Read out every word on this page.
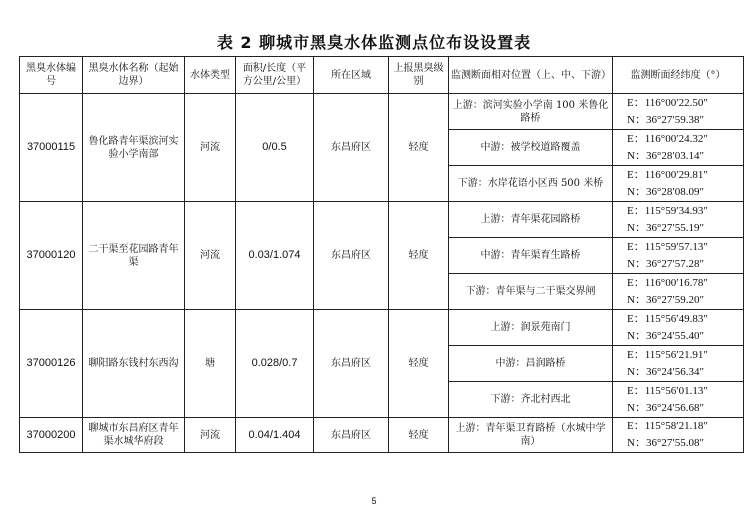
表 2 聊城市黑臭水体监测点位布设设置表
黑臭水体编号	黑臭水体名称（起始边界）	水体类型	面积/长度（平方公里/公里）	所在区域	上报黑臭级别	监测断面相对位置（上、中、下游）	监测断面经纬度（°）
37000115	鲁化路青年渠滨河实验小学南部	河流	0/0.5	东昌府区	轻度	上游：滨河实验小学南 100 米鲁化路桥	E：116°00′22.50″
N：36°27′59.38″

						中游：被学校道路覆盖	E：116°00′24.32″
N：36°28′03.14″

						下游：水岸花语小区西 500 米桥	E：116°00′29.81″
N：36°28′08.09″

37000120	二干渠至花园路青年渠	河流	0.03/1.074	东昌府区	轻度	上游：青年渠花园路桥	E：115°59′34.93″
N：36°27′55.19″

						中游：青年渠育生路桥	E：115°59′57.13″
N：36°27′57.28″

						下游：青年渠与二干渠交界闸	E：116°00′16.78″
N：36°27′59.20″

37000126	聊阳路东钱村东西沟	塘	0.028/0.7	东昌府区	轻度	上游：润景苑南门	E：115°56′49.83″
N：36°24′55.40″

						中游：昌润路桥	E：115°56′21.91″
N：36°24′56.34″

						下游：齐北村西北	E：115°56′01.13″
N：36°24′56.68″

37000200	聊城市东昌府区青年渠水城华府段	河流	0.04/1.404	东昌府区	轻度	上游：青年渠卫育路桥（水城中学南）	E：115°58′21.18″
N：36°27′55.08″
5
